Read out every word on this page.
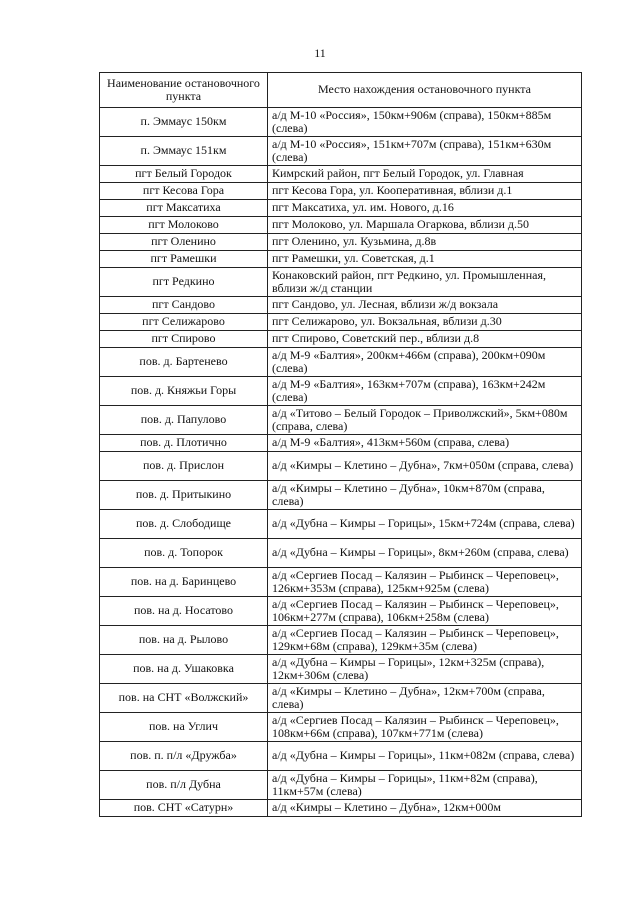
11
Наименование остановочного пункта	Место нахождения остановочного пункта
п. Эммаус 150км	а/д М-10 «Россия», 150км+906м (справа), 150км+885м (слева)
п. Эммаус 151км	а/д М-10 «Россия», 151км+707м (справа), 151км+630м (слева)
пгт Белый Городок	Кимрский район, пгт Белый Городок, ул. Главная
пгт Кесова Гора	пгт Кесова Гора, ул. Кооперативная, вблизи д.1
пгт Максатиха	пгт Максатиха, ул. им. Нового, д.16
пгт Молоково	пгт Молоково, ул. Маршала Огаркова, вблизи д.50
пгт Оленино	пгт Оленино, ул. Кузьмина, д.8в
пгт Рамешки	пгт Рамешки, ул. Советская, д.1
пгт Редкино	Конаковский район, пгт Редкино, ул. Промышленная, вблизи ж/д станции
пгт Сандово	пгт Сандово, ул. Лесная, вблизи ж/д вокзала
пгт Селижарово	пгт Селижарово, ул. Вокзальная, вблизи д.30
пгт Спирово	пгт Спирово, Советский пер., вблизи д.8
пов. д. Бартенево	а/д М-9 «Балтия», 200км+466м (справа), 200км+090м (слева)
пов. д. Княжьи Горы	а/д М-9 «Балтия», 163км+707м (справа), 163км+242м (слева)
пов. д. Папулово	а/д «Титово – Белый Городок – Приволжский», 5км+080м (справа, слева)
пов. д. Плотично	а/д М-9 «Балтия», 413км+560м (справа, слева)
пов. д. Прислон	а/д «Кимры – Клетино – Дубна», 7км+050м (справа, слева)
пов. д. Притыкино	а/д «Кимры – Клетино – Дубна», 10км+870м (справа, слева)
пов. д. Слободище	а/д «Дубна – Кимры – Горицы», 15км+724м (справа, слева)
пов. д. Топорок	а/д «Дубна – Кимры – Горицы», 8км+260м (справа, слева)
пов. на д. Баринцево	а/д «Сергиев Посад – Калязин – Рыбинск – Череповец», 126км+353м (справа), 125км+925м (слева)
пов. на д. Носатово	а/д «Сергиев Посад – Калязин – Рыбинск – Череповец», 106км+277м (справа), 106км+258м (слева)
пов. на д. Рылово	а/д «Сергиев Посад – Калязин – Рыбинск – Череповец», 129км+68м (справа), 129км+35м (слева)
пов. на д. Ушаковка	а/д «Дубна – Кимры – Горицы», 12км+325м (справа), 12км+306м (слева)
пов. на СНТ «Волжский»	а/д «Кимры – Клетино – Дубна», 12км+700м (справа, слева)
пов. на Углич	а/д «Сергиев Посад – Калязин – Рыбинск – Череповец», 108км+66м (справа), 107км+771м (слева)
пов. п. п/л «Дружба»	а/д «Дубна – Кимры – Горицы», 11км+082м (справа, слева)
пов. п/л Дубна	а/д «Дубна – Кимры – Горицы», 11км+82м (справа), 11км+57м (слева)
пов. СНТ «Сатурн»	а/д «Кимры – Клетино – Дубна», 12км+000м
